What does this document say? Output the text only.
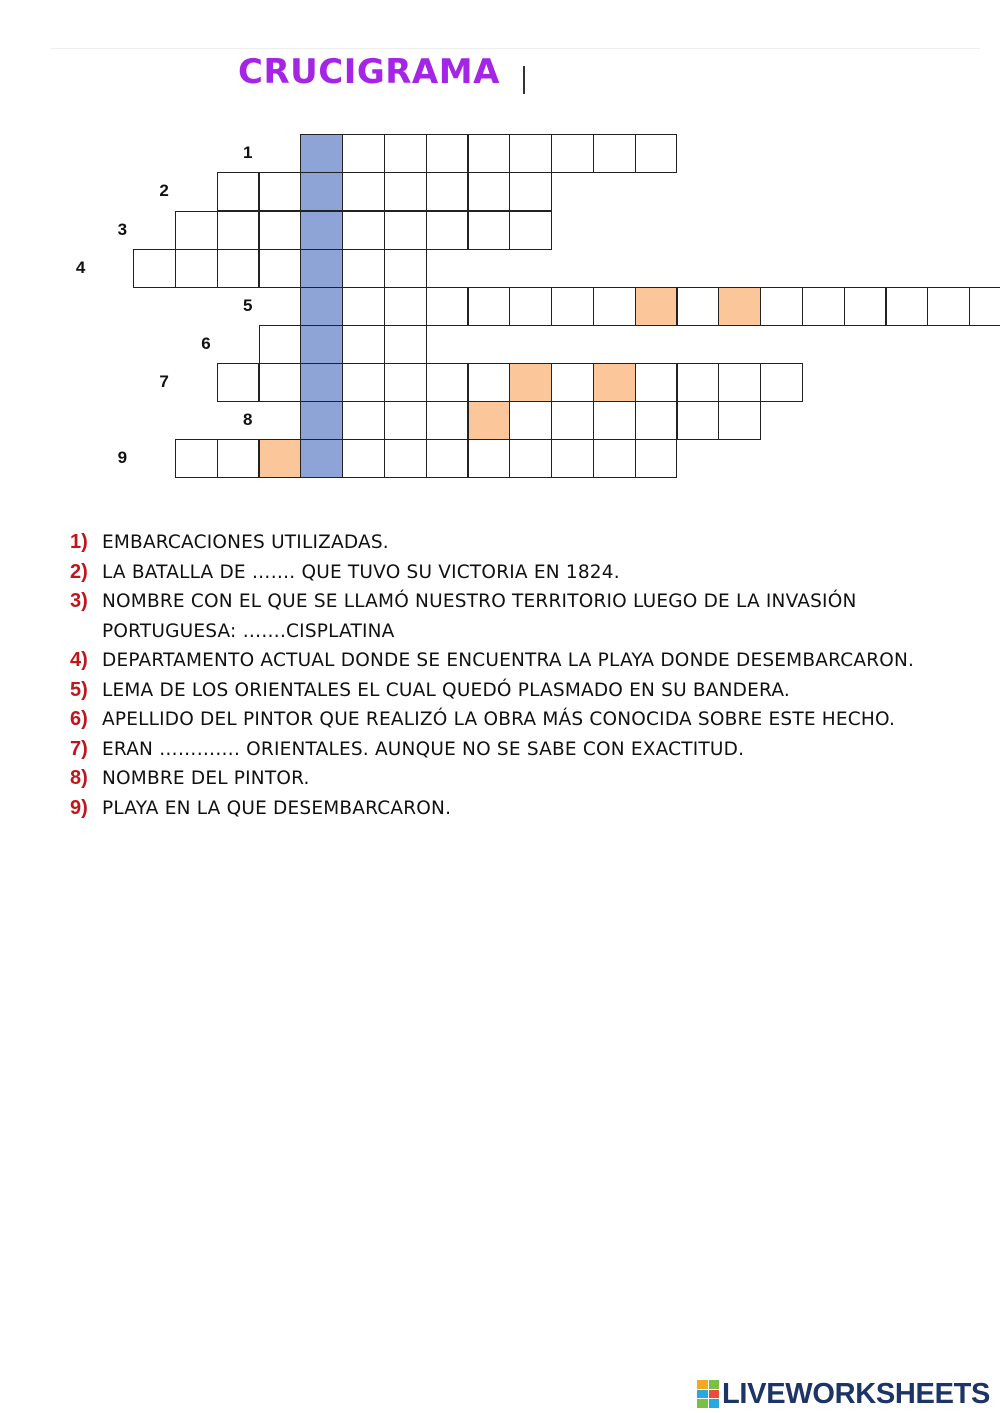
CRUCIGRAMA
1
2
3
4
5
6
7
8
9
1) EMBARCACIONES UTILIZADAS.
2) LA BATALLA DE ……. QUE TUVO SU VICTORIA EN 1824.
3) NOMBRE CON EL QUE SE LLAMÓ NUESTRO TERRITORIO LUEGO DE LA INVASIÓN PORTUGUESA: …….CISPLATINA
4) DEPARTAMENTO ACTUAL DONDE SE ENCUENTRA LA PLAYA DONDE DESEMBARCARON.
5) LEMA DE LOS ORIENTALES EL CUAL QUEDÓ PLASMADO EN SU BANDERA.
6) APELLIDO DEL PINTOR QUE REALIZÓ LA OBRA MÁS CONOCIDA SOBRE ESTE HECHO.
7) ERAN …………. ORIENTALES. AUNQUE NO SE SABE CON EXACTITUD.
8) NOMBRE DEL PINTOR.
9) PLAYA EN LA QUE DESEMBARCARON.
LIVEWORKSHEETS
